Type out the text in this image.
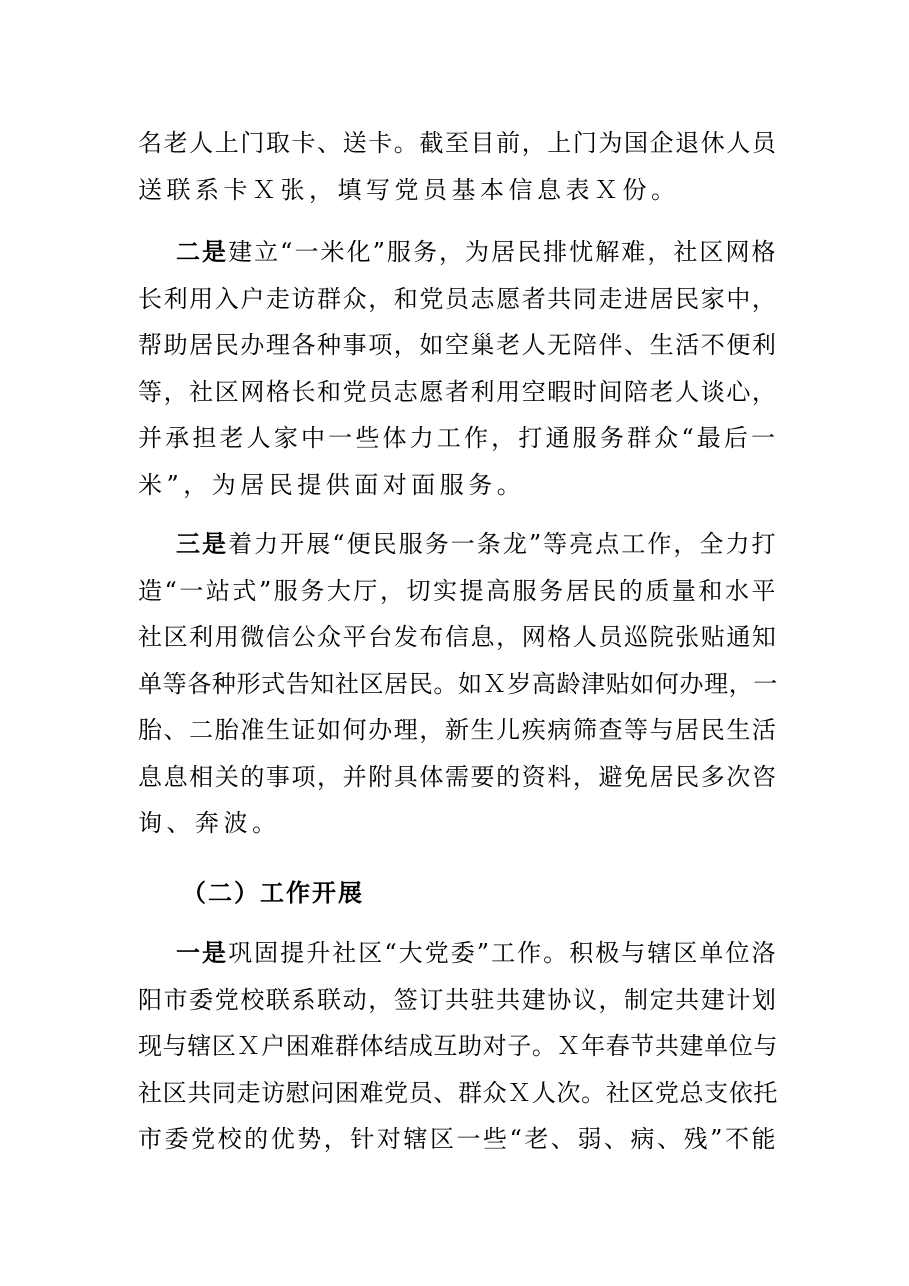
名老人上门取卡、送卡。截至目前，上门为国企退休人员
送联系卡Ｘ张，填写党员基本信息表Ｘ份。

二是建立“一米化”服务，为居民排忧解难，社区网格
长利用入户走访群众，和党员志愿者共同走进居民家中，
帮助居民办理各种事项，如空巢老人无陪伴、生活不便利
等，社区网格长和党员志愿者利用空暇时间陪老人谈心，
并承担老人家中一些体力工作，打通服务群众“最后一
米”，为居民提供面对面服务。

三是着力开展“便民服务一条龙”等亮点工作，全力打
造“一站式”服务大厅，切实提高服务居民的质量和水平
社区利用微信公众平台发布信息，网格人员巡院张贴通知
单等各种形式告知社区居民。如Ｘ岁高龄津贴如何办理，一
胎、二胎准生证如何办理，新生儿疾病筛查等与居民生活
息息相关的事项，并附具体需要的资料，避免居民多次咨
询、奔波。

（二）工作开展

一是巩固提升社区“大党委”工作。积极与辖区单位洛
阳市委党校联系联动，签订共驻共建协议，制定共建计划
现与辖区Ｘ户困难群体结成互助对子。Ｘ年春节共建单位与
社区共同走访慰问困难党员、群众Ｘ人次。社区党总支依托
市委党校的优势，针对辖区一些“老、弱、病、残”不能
